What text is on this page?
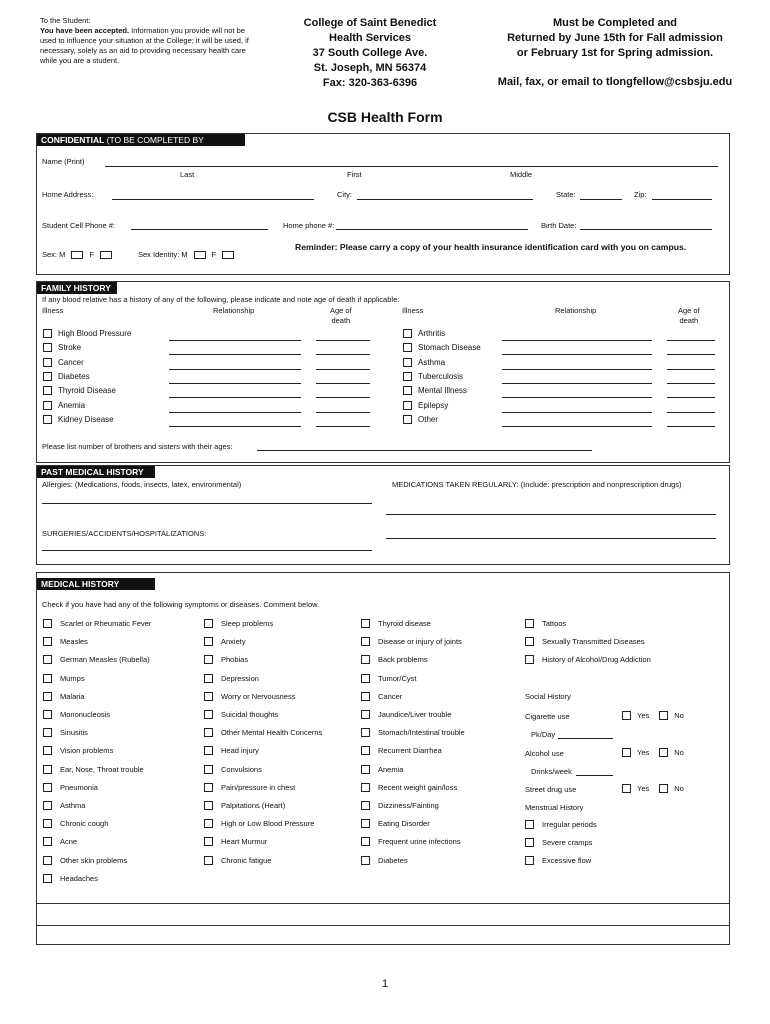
To the Student:
You have been accepted. Information you provide will not be used to influence your situation at the College; it will be used, if necessary, solely as an aid to providing necessary health care while you are a student.
College of Saint Benedict
Health Services
37 South College Ave.
St. Joseph, MN 56374
Fax: 320-363-6396
Must be Completed and
Returned by June 15th for Fall admission
or February 1st for Spring admission.
Mail, fax, or email to tlongfellow@csbsju.edu
CSB Health Form
CONFIDENTIAL (TO BE COMPLETED BY STUDENT)
Name (Print)
Last	First	Middle
Home Address:	City:	State:	Zip:
Student Cell Phone #:	Home phone #:	Birth Date:
Sex: M	F	Sex Identity: M	F
Reminder: Please carry a copy of your health insurance identification card with you on campus.
FAMILY HISTORY
If any blood relative has a history of any of the following, please indicate and note age of death if applicable:
Illness	Relationship	Age of
death
Illness	Relationship	Age of
death
High Blood Pressure
Stroke
Cancer
Diabetes
Thyroid Disease
Anemia
Kidney Disease
Arthritis
Stomach Disease
Asthma
Tuberculosis
Mental Illness
Epilepsy
Other
Please list number of brothers and sisters with their ages:
PAST MEDICAL HISTORY
Allergies: (Medications, foods, insects, latex, environmental)	MEDICATIONS TAKEN REGULARLY: (Include: prescription and nonprescription drugs)
SURGERIES/ACCIDENTS/HOSPITALIZATIONS:
MEDICAL HISTORY
Check if you have had any of the following symptoms or diseases. Comment below.
Scarlet or Rheumatic Fever
Measles
German Measles (Rubella)
Mumps
Malaria
Mononucleosis
Sinusitis
Vision problems
Ear, Nose, Throat trouble
Pneumonia
Asthma
Chronic cough
Acne
Other skin problems
Headaches
Sleep problems
Anxiety
Phobias
Depression
Worry or Nervousness
Suicidal thoughts
Other Mental Health Concerns
Head injury
Convulsions
Pain/pressure in chest
Palpitations (Heart)
High or Low Blood Pressure
Heart Murmur
Chronic fatigue
Thyroid disease
Disease or injury of joints
Back problems
Tumor/Cyst
Cancer
Jaundice/Liver trouble
Stomach/Intestinal trouble
Recurrent Diarrhea
Anemia
Recent weight gain/loss
Dizziness/Fainting
Eating Disorder
Frequent urine infections
Diabetes
Tattoos
Sexually Transmitted Diseases
History of Alcohol/Drug Addiction
Social History
Cigarette use	Yes	No
Pk/Day
Alcohol use	Yes	No
Drinks/week
Street drug use	Yes	No
Menstrual History
Irregular periods
Severe cramps
Excessive flow
1
